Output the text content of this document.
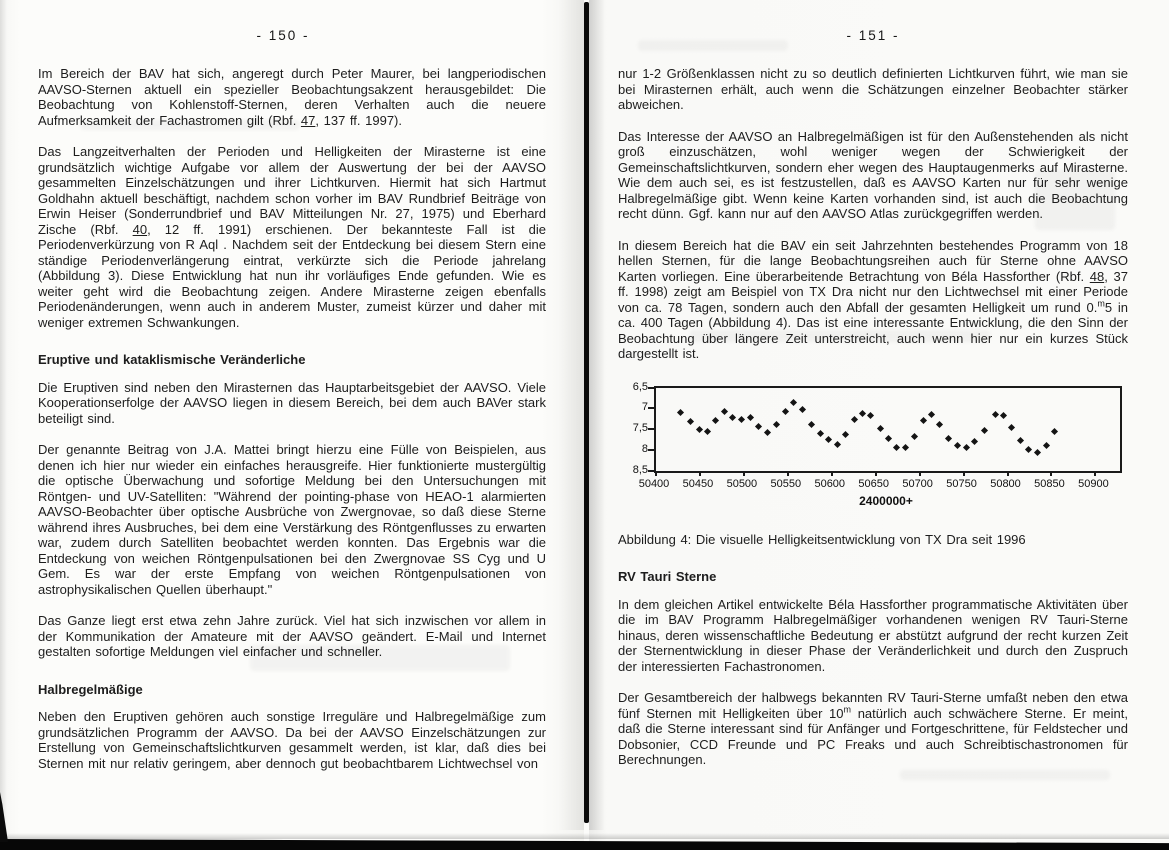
- 150 -	- 151 -
Im Bereich der BAV hat sich, angeregt durch Peter Maurer, bei langperiodischen AAVSO-Sternen aktuell ein spezieller Beobachtungsakzent herausgebildet: Die Beobachtung von Kohlenstoff-Sternen, deren Verhalten auch die neuere Aufmerksamkeit der Fachastromen gilt (Rbf. 47, 137 ff. 1997).
Das Langzeitverhalten der Perioden und Helligkeiten der Mirasterne ist eine grundsätzlich wichtige Aufgabe vor allem der Auswertung der bei der AAVSO gesammelten Einzelschätzungen und ihrer Lichtkurven. Hiermit hat sich Hartmut Goldhahn aktuell beschäftigt, nachdem schon vorher im BAV Rundbrief Beiträge von Erwin Heiser (Sonderrundbrief und BAV Mitteilungen Nr. 27, 1975) und Eberhard Zische (Rbf. 40, 12 ff. 1991) erschienen. Der bekannteste Fall ist die Periodenverkürzung von R Aql . Nachdem seit der Entdeckung bei diesem Stern eine ständige Periodenverlängerung eintrat, verkürzte sich die Periode jahrelang (Abbildung 3). Diese Entwicklung hat nun ihr vorläufiges Ende gefunden. Wie es weiter geht wird die Beobachtung zeigen. Andere Mirasterne zeigen ebenfalls Periodenänderungen, wenn auch in anderem Muster, zumeist kürzer und daher mit weniger extremen Schwankungen.
Eruptive und kataklismische Veränderliche
Die Eruptiven sind neben den Mirasternen das Hauptarbeitsgebiet der AAVSO. Viele Kooperationserfolge der AAVSO liegen in diesem Bereich, bei dem auch BAVer stark beteiligt sind.
Der genannte Beitrag von J.A. Mattei bringt hierzu eine Fülle von Beispielen, aus denen ich hier nur wieder ein einfaches herausgreife. Hier funktionierte mustergültig die optische Überwachung und sofortige Meldung bei den Untersuchungen mit Röntgen- und UV-Satelliten: "Während der pointing-phase von HEAO-1 alarmierten AAVSO-Beobachter über optische Ausbrüche von Zwergnovae, so daß diese Sterne während ihres Ausbruches, bei dem eine Verstärkung des Röntgenflusses zu erwarten war, zudem durch Satelliten beobachtet werden konnten. Das Ergebnis war die Entdeckung von weichen Röntgenpulsationen bei den Zwergnovae SS Cyg und U Gem. Es war der erste Empfang von weichen Röntgenpulsationen von astrophysikalischen Quellen überhaupt."
Das Ganze liegt erst etwa zehn Jahre zurück. Viel hat sich inzwischen vor allem in der Kommunikation der Amateure mit der AAVSO geändert. E-Mail und Internet gestalten sofortige Meldungen viel einfacher und schneller.
Halbregelmäßige
Neben den Eruptiven gehören auch sonstige Irreguläre und Halbregelmäßige zum grundsätzlichen Programm der AAVSO. Da bei der AAVSO Einzelschätzungen zur Erstellung von Gemeinschaftslichtkurven gesammelt werden, ist klar, daß dies bei Sternen mit nur relativ geringem, aber dennoch gut beobachtbarem Lichtwechsel von
nur 1-2 Größenklassen nicht zu so deutlich definierten Lichtkurven führt, wie man sie bei Mirasternen erhält, auch wenn die Schätzungen einzelner Beobachter stärker abweichen.
Das Interesse der AAVSO an Halbregelmäßigen ist für den Außenstehenden als nicht groß einzuschätzen, wohl weniger wegen der Schwierigkeit der Gemeinschaftslichtkurven, sondern eher wegen des Hauptaugenmerks auf Mirasterne. Wie dem auch sei, es ist festzustellen, daß es AAVSO Karten nur für sehr wenige Halbregelmäßige gibt. Wenn keine Karten vorhanden sind, ist auch die Beobachtung recht dünn. Ggf. kann nur auf den AAVSO Atlas zurückgegriffen werden.
In diesem Bereich hat die BAV ein seit Jahrzehnten bestehendes Programm von 18 hellen Sternen, für die lange Beobachtungsreihen auch für Sterne ohne AAVSO Karten vorliegen. Eine überarbeitende Betrachtung von Béla Hassforther (Rbf. 48, 37 ff. 1998) zeigt am Beispiel von TX Dra nicht nur den Lichtwechsel mit einer Periode von ca. 78 Tagen, sondern auch den Abfall der gesamten Helligkeit um rund 0.$^m$5 in ca. 400 Tagen (Abbildung 4). Das ist eine interessante Entwicklung, die den Sinn der Beobachtung über längere Zeit unterstreicht, auch wenn hier nur ein kurzes Stück dargestellt ist.
6,5
7
7,5
8
8,5
50400	50450	50500	50550	50600	50650	50700	50750	50800	50850	50900
2400000+
Abbildung 4: Die visuelle Helligkeitsentwicklung von TX Dra seit 1996
RV Tauri Sterne
In dem gleichen Artikel entwickelte Béla Hassforther programmatische Aktivitäten über die im BAV Programm Halbregelmäßiger vorhandenen wenigen RV Tauri-Sterne hinaus, deren wissenschaftliche Bedeutung er abstützt aufgrund der recht kurzen Zeit der Sternentwicklung in dieser Phase der Veränderlichkeit und durch den Zuspruch der interessierten Fachastronomen.
Der Gesamtbereich der halbwegs bekannten RV Tauri-Sterne umfaßt neben den etwa fünf Sternen mit Helligkeiten über 10$^m$ natürlich auch schwächere Sterne. Er meint, daß die Sterne interessant sind für Anfänger und Fortgeschrittene, für Feldstecher und Dobsonier, CCD Freunde und PC Freaks und auch Schreibtischastronomen für Berechnungen.
